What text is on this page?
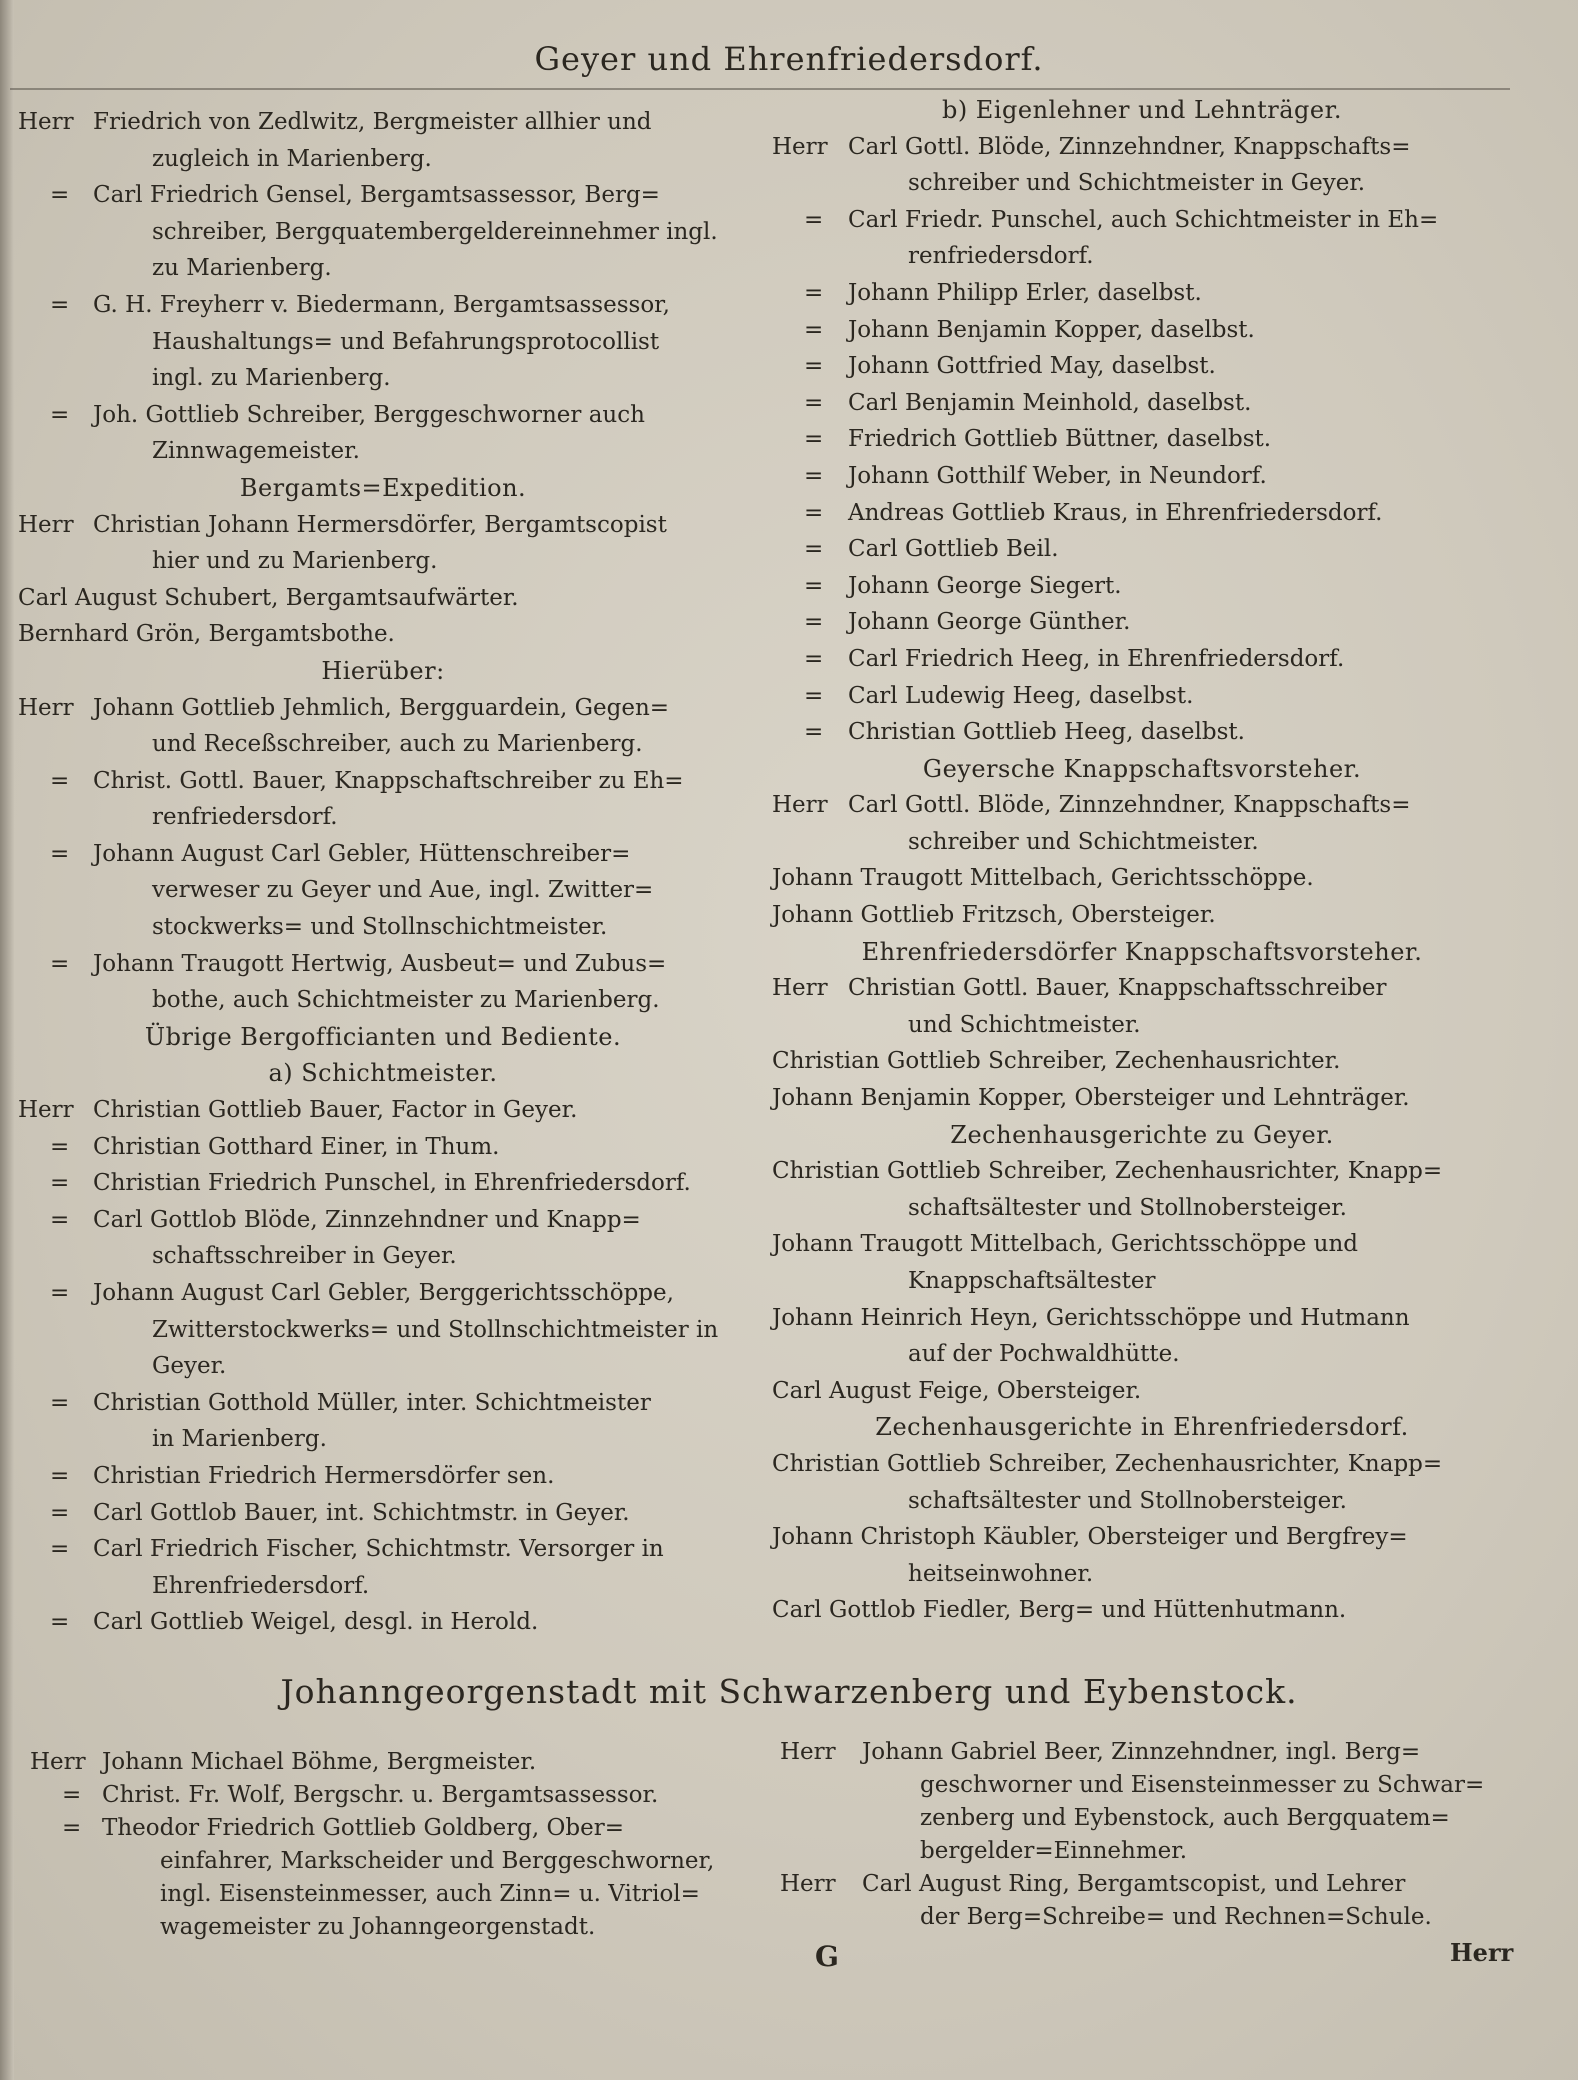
Geyer und Ehrenfriedersdorf.
Herr Friedrich von Zedlwitz, Bergmeister allhier und
zugleich in Marienberg.
= Carl Friedrich Gensel, Bergamtsassessor, Berg=
schreiber, Bergquatembergeldereinnehmer ingl.
zu Marienberg.
= G. H. Freyherr v. Biedermann, Bergamtsassessor,
Haushaltungs= und Befahrungsprotocollist
ingl. zu Marienberg.
= Joh. Gottlieb Schreiber, Berggeschworner auch
Zinnwagemeister.
Bergamts=Expedition.
Herr Christian Johann Hermersdörfer, Bergamtscopist
hier und zu Marienberg.
Carl August Schubert, Bergamtsaufwärter.
Bernhard Grön, Bergamtsbothe.
Hierüber:
Herr Johann Gottlieb Jehmlich, Bergguardein, Gegen=
und Receßschreiber, auch zu Marienberg.
= Christ. Gottl. Bauer, Knappschaftschreiber zu Eh=
renfriedersdorf.
= Johann August Carl Gebler, Hüttenschreiber=
verweser zu Geyer und Aue, ingl. Zwitter=
stockwerks= und Stollnschichtmeister.
= Johann Traugott Hertwig, Ausbeut= und Zubus=
bothe, auch Schichtmeister zu Marienberg.
Übrige Bergofficianten und Bediente.
a) Schichtmeister.
Herr Christian Gottlieb Bauer, Factor in Geyer.
= Christian Gotthard Einer, in Thum.
= Christian Friedrich Punschel, in Ehrenfriedersdorf.
= Carl Gottlob Blöde, Zinnzehndner und Knapp=
schaftsschreiber in Geyer.
= Johann August Carl Gebler, Berggerichtsschöppe,
Zwitterstockwerks= und Stollnschichtmeister in
Geyer.
= Christian Gotthold Müller, inter. Schichtmeister
in Marienberg.
= Christian Friedrich Hermersdörfer sen.
= Carl Gottlob Bauer, int. Schichtmstr. in Geyer.
= Carl Friedrich Fischer, Schichtmstr. Versorger in
Ehrenfriedersdorf.
= Carl Gottlieb Weigel, desgl. in Herold.
b) Eigenlehner und Lehnträger.
Herr Carl Gottl. Blöde, Zinnzehndner, Knappschafts=
schreiber und Schichtmeister in Geyer.
= Carl Friedr. Punschel, auch Schichtmeister in Eh=
renfriedersdorf.
= Johann Philipp Erler, daselbst.
= Johann Benjamin Kopper, daselbst.
= Johann Gottfried May, daselbst.
= Carl Benjamin Meinhold, daselbst.
= Friedrich Gottlieb Büttner, daselbst.
= Johann Gotthilf Weber, in Neundorf.
= Andreas Gottlieb Kraus, in Ehrenfriedersdorf.
= Carl Gottlieb Beil.
= Johann George Siegert.
= Johann George Günther.
= Carl Friedrich Heeg, in Ehrenfriedersdorf.
= Carl Ludewig Heeg, daselbst.
= Christian Gottlieb Heeg, daselbst.
Geyersche Knappschaftsvorsteher.
Herr Carl Gottl. Blöde, Zinnzehndner, Knappschafts=
schreiber und Schichtmeister.
Johann Traugott Mittelbach, Gerichtsschöppe.
Johann Gottlieb Fritzsch, Obersteiger.
Ehrenfriedersdörfer Knappschaftsvorsteher.
Herr Christian Gottl. Bauer, Knappschaftsschreiber
und Schichtmeister.
Christian Gottlieb Schreiber, Zechenhausrichter.
Johann Benjamin Kopper, Obersteiger und Lehnträger.
Zechenhausgerichte zu Geyer.
Christian Gottlieb Schreiber, Zechenhausrichter, Knapp=
schaftsältester und Stollnobersteiger.
Johann Traugott Mittelbach, Gerichtsschöppe und
Knappschaftsältester
Johann Heinrich Heyn, Gerichtsschöppe und Hutmann
auf der Pochwaldhütte.
Carl August Feige, Obersteiger.
Zechenhausgerichte in Ehrenfriedersdorf.
Christian Gottlieb Schreiber, Zechenhausrichter, Knapp=
schaftsältester und Stollnobersteiger.
Johann Christoph Käubler, Obersteiger und Bergfrey=
heitseinwohner.
Carl Gottlob Fiedler, Berg= und Hüttenhutmann.
Johanngeorgenstadt mit Schwarzenberg und Eybenstock.
Herr Johann Michael Böhme, Bergmeister.
= Christ. Fr. Wolf, Bergschr. u. Bergamtsassessor.
= Theodor Friedrich Gottlieb Goldberg, Ober=
einfahrer, Markscheider und Berggeschworner,
ingl. Eisensteinmesser, auch Zinn= u. Vitriol=
wagemeister zu Johanngeorgenstadt.
Herr Johann Gabriel Beer, Zinnzehndner, ingl. Berg=
geschworner und Eisensteinmesser zu Schwar=
zenberg und Eybenstock, auch Bergquatem=
bergelder=Einnehmer.
Herr Carl August Ring, Bergamtscopist, und Lehrer
der Berg=Schreibe= und Rechnen=Schule.
G	Herr
